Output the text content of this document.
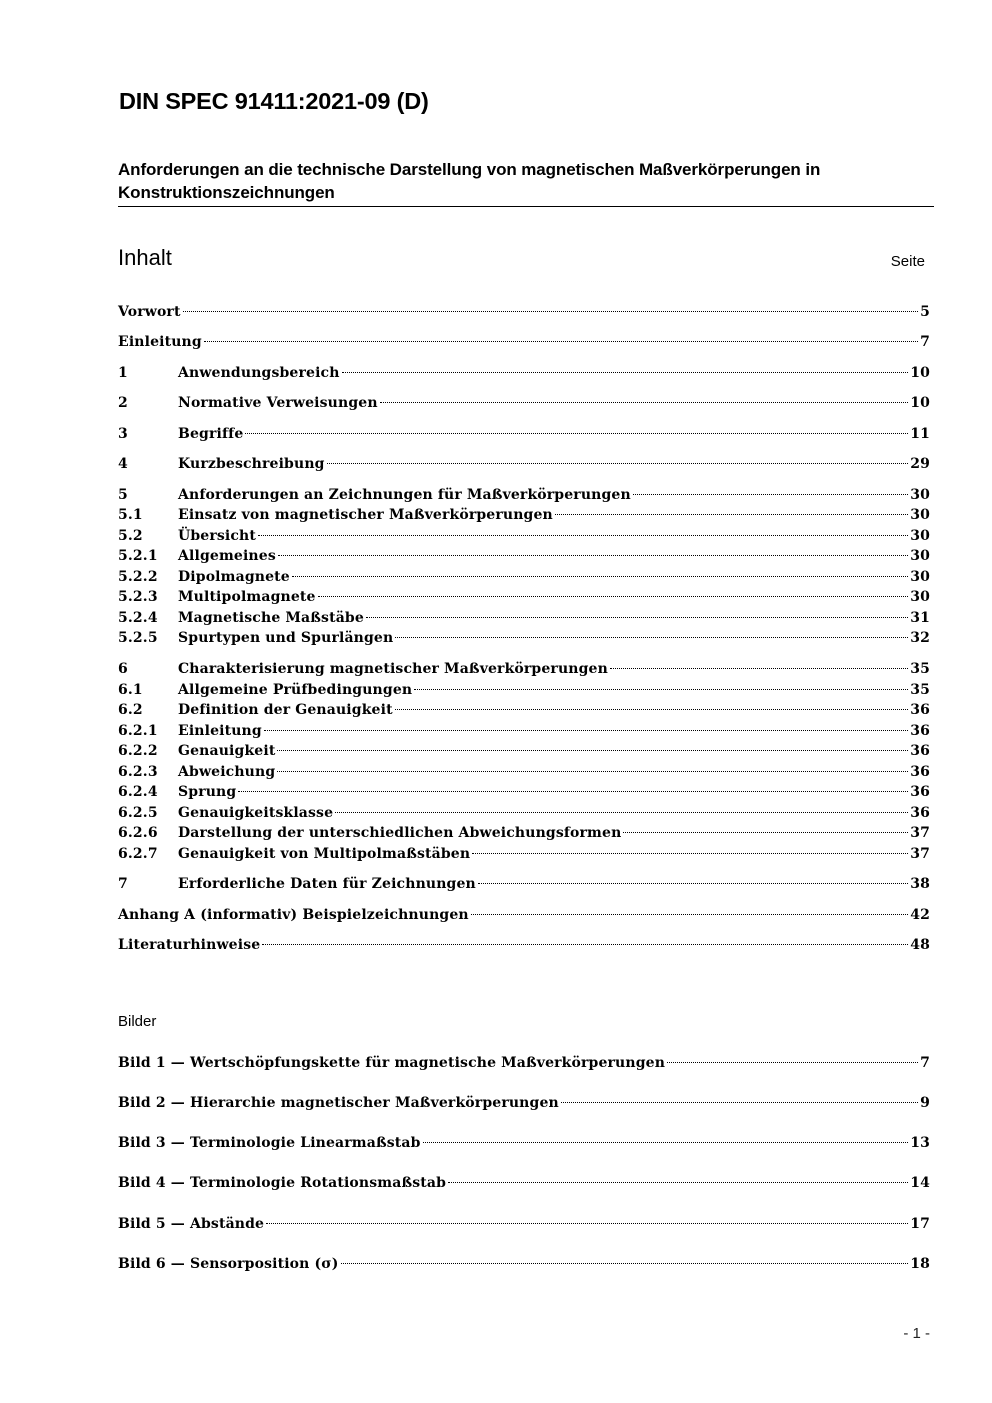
DIN SPEC 91411:2021-09 (D)
Anforderungen an die technische Darstellung von magnetischen Maßverkörperungen in Konstruktionszeichnungen
Inhalt	Seite
Vorwort	5
Einleitung	7
1	Anwendungsbereich	10
2	Normative Verweisungen	10
3	Begriffe	11
4	Kurzbeschreibung	29
5	Anforderungen an Zeichnungen für Maßverkörperungen	30
5.1	Einsatz von magnetischer Maßverkörperungen	30
5.2	Übersicht	30
5.2.1	Allgemeines	30
5.2.2	Dipolmagnete	30
5.2.3	Multipolmagnete	30
5.2.4	Magnetische Maßstäbe	31
5.2.5	Spurtypen und Spurlängen	32
6	Charakterisierung magnetischer Maßverkörperungen	35
6.1	Allgemeine Prüfbedingungen	35
6.2	Definition der Genauigkeit	36
6.2.1	Einleitung	36
6.2.2	Genauigkeit	36
6.2.3	Abweichung	36
6.2.4	Sprung	36
6.2.5	Genauigkeitsklasse	36
6.2.6	Darstellung der unterschiedlichen Abweichungsformen	37
6.2.7	Genauigkeit von Multipolmaßstäben	37
7	Erforderliche Daten für Zeichnungen	38
Anhang A (informativ) Beispielzeichnungen	42
Literaturhinweise	48
Bilder
Bild 1 — Wertschöpfungskette für magnetische Maßverkörperungen	7
Bild 2 — Hierarchie magnetischer Maßverkörperungen	9
Bild 3 — Terminologie Linearmaßstab	13
Bild 4 — Terminologie Rotationsmaßstab	14
Bild 5 — Abstände	17
Bild 6 — Sensorposition (σ)	18
- 1 -
